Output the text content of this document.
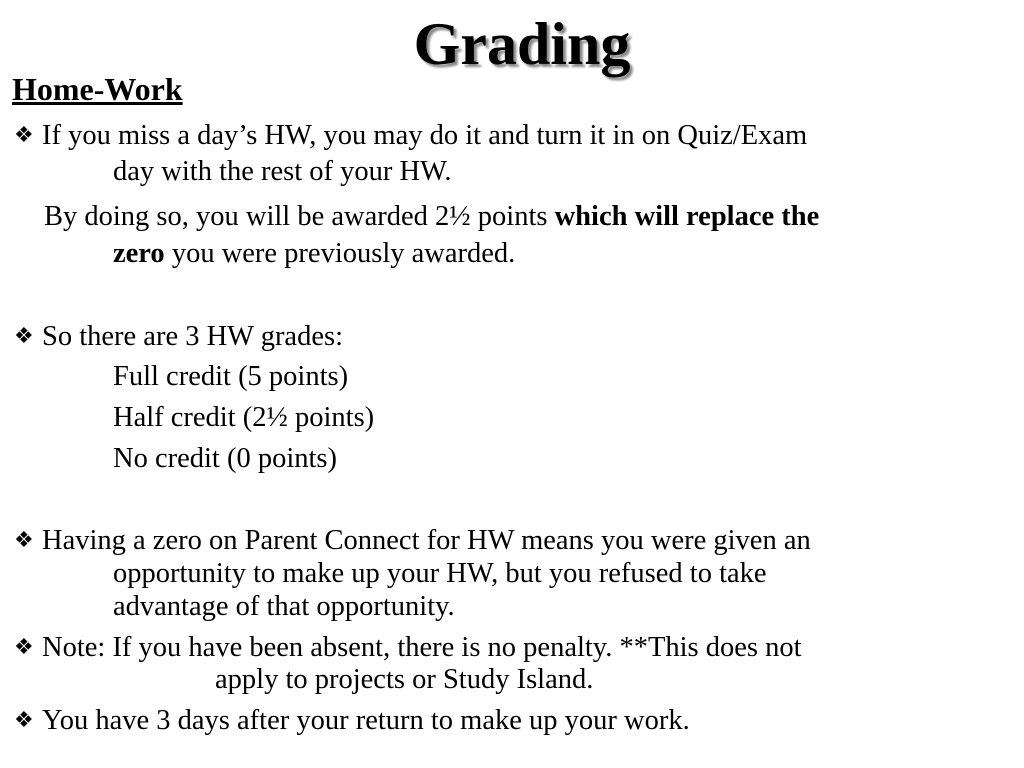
Grading
Home-Work
❖ If you miss a day’s HW, you may do it and turn it in on Quiz/Exam
day with the rest of your HW.
By doing so, you will be awarded 2½ points which will replace the
zero you were previously awarded.
❖ So there are 3 HW grades:
Full credit (5 points)
Half credit (2½ points)
No credit (0 points)
❖ Having a zero on Parent Connect for HW means you were given an
opportunity to make up your HW, but you refused to take
advantage of that opportunity.
❖ Note: If you have been absent, there is no penalty. **This does not
apply to projects or Study Island.
❖ You have 3 days after your return to make up your work.
